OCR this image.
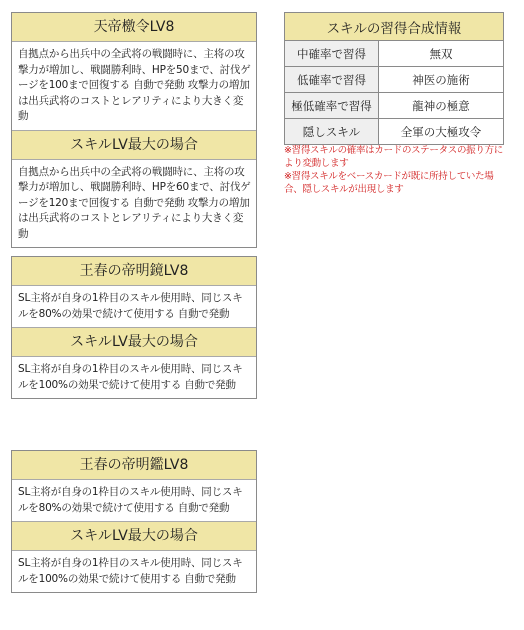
天帝檄令LV8
自拠点から出兵中の全武将の戦闘時に、主将の攻撃力が増加し、戦闘勝利時、HPを50まで、討伐ゲージを100まで回復する 自動で発動 攻撃力の増加は出兵武将のコストとレアリティにより大きく変動
スキルLV最大の場合
自拠点から出兵中の全武将の戦闘時に、主将の攻撃力が増加し、戦闘勝利時、HPを60まで、討伐ゲージを120まで回復する 自動で発動 攻撃力の増加は出兵武将のコストとレアリティにより大きく変動
王春の帝明鏡LV8
SL主将が自身の1枠目のスキル使用時、同じスキルを80%の効果で続けて使用する 自動で発動
スキルLV最大の場合
SL主将が自身の1枠目のスキル使用時、同じスキルを100%の効果で続けて使用する 自動で発動
王春の帝明鑑LV8
SL主将が自身の1枠目のスキル使用時、同じスキルを80%の効果で続けて使用する 自動で発動
スキルLV最大の場合
SL主将が自身の1枠目のスキル使用時、同じスキルを100%の効果で続けて使用する 自動で発動
スキルの習得合成情報	
中確率で習得	無双
低確率で習得	神医の施術
極低確率で習得	龍神の極意
隠しスキル	全軍の大極攻令
※習得スキルの確率はカードのステータスの振り方により変動します
※習得スキルをベースカードが既に所持していた場合、隠しスキルが出現します
